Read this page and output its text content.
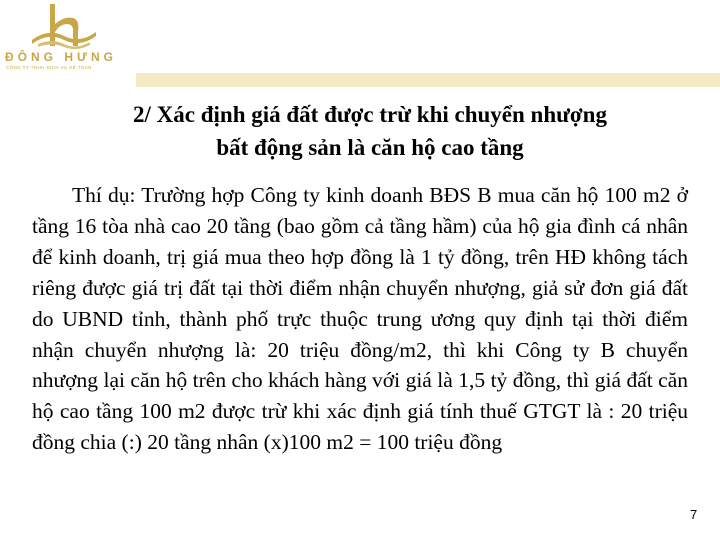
ĐÔNG HƯNG
CÔNG TY TNHH DỊCH VỤ KẾ TOÁN
2/ Xác định giá đất được trừ khi chuyển nhượng
bất động sản là căn hộ cao tầng

Thí dụ: Trường hợp Công ty kinh doanh BĐS B mua căn hộ 100 m2 ở tầng 16 tòa nhà cao 20 tầng (bao gồm cả tầng hầm) của hộ gia đình cá nhân để kinh doanh, trị giá mua theo hợp đồng là 1 tỷ đồng, trên HĐ không tách riêng được giá trị đất tại thời điểm nhận chuyển nhượng, giả sử đơn giá đất do UBND tỉnh, thành phố trực thuộc trung ương quy định tại thời điểm nhận chuyển nhượng là: 20 triệu đồng/m2, thì khi Công ty B chuyển nhượng lại căn hộ trên cho khách hàng với giá là 1,5 tỷ đồng, thì giá đất căn hộ cao tầng 100 m2 được trừ khi xác định giá tính thuế GTGT là : 20 triệu đồng chia (:) 20 tầng nhân (x)100 m2 = 100 triệu đồng

7
